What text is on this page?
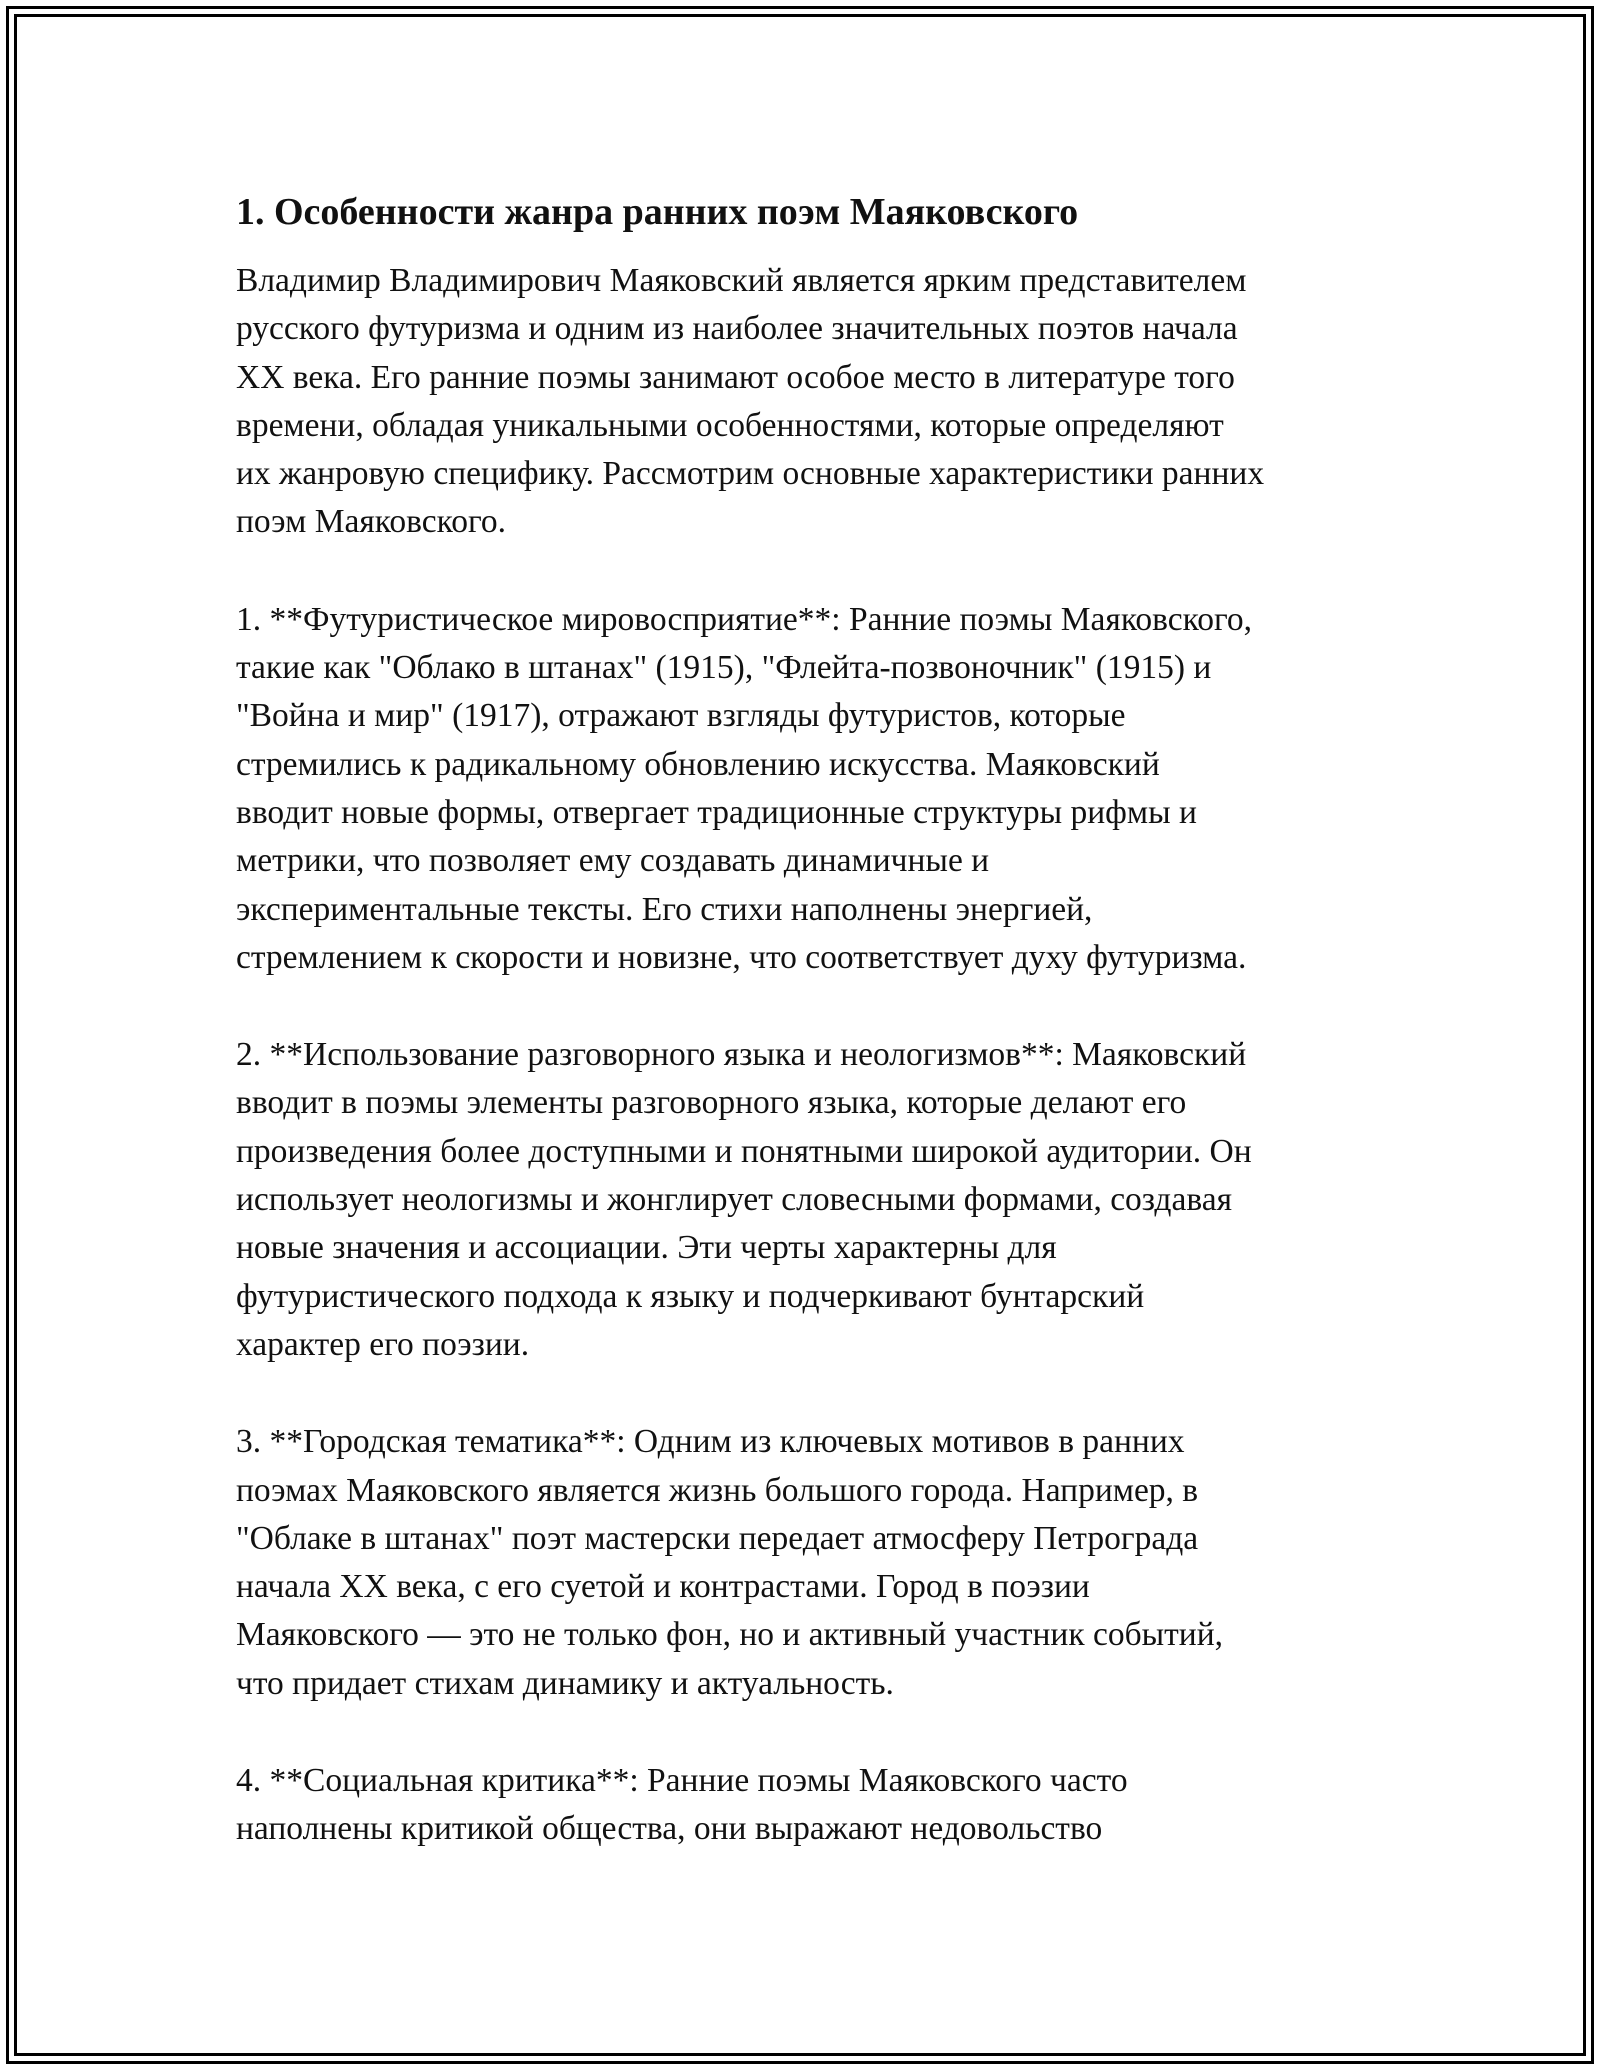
1. Особенности жанра ранних поэм Маяковского
Владимир Владимирович Маяковский является ярким представителем
русского футуризма и одним из наиболее значительных поэтов начала
XX века. Его ранние поэмы занимают особое место в литературе того
времени, обладая уникальными особенностями, которые определяют
их жанровую специфику. Рассмотрим основные характеристики ранних
поэм Маяковского.
1. **Футуристическое мировосприятие**: Ранние поэмы Маяковского,
такие как "Облако в штанах" (1915), "Флейта-позвоночник" (1915) и
"Война и мир" (1917), отражают взгляды футуристов, которые
стремились к радикальному обновлению искусства. Маяковский
вводит новые формы, отвергает традиционные структуры рифмы и
метрики, что позволяет ему создавать динамичные и
экспериментальные тексты. Его стихи наполнены энергией,
стремлением к скорости и новизне, что соответствует духу футуризма.
2. **Использование разговорного языка и неологизмов**: Маяковский
вводит в поэмы элементы разговорного языка, которые делают его
произведения более доступными и понятными широкой аудитории. Он
использует неологизмы и жонглирует словесными формами, создавая
новые значения и ассоциации. Эти черты характерны для
футуристического подхода к языку и подчеркивают бунтарский
характер его поэзии.
3. **Городская тематика**: Одним из ключевых мотивов в ранних
поэмах Маяковского является жизнь большого города. Например, в
"Облаке в штанах" поэт мастерски передает атмосферу Петрограда
начала XX века, с его суетой и контрастами. Город в поэзии
Маяковского — это не только фон, но и активный участник событий,
что придает стихам динамику и актуальность.
4. **Социальная критика**: Ранние поэмы Маяковского часто
наполнены критикой общества, они выражают недовольство
